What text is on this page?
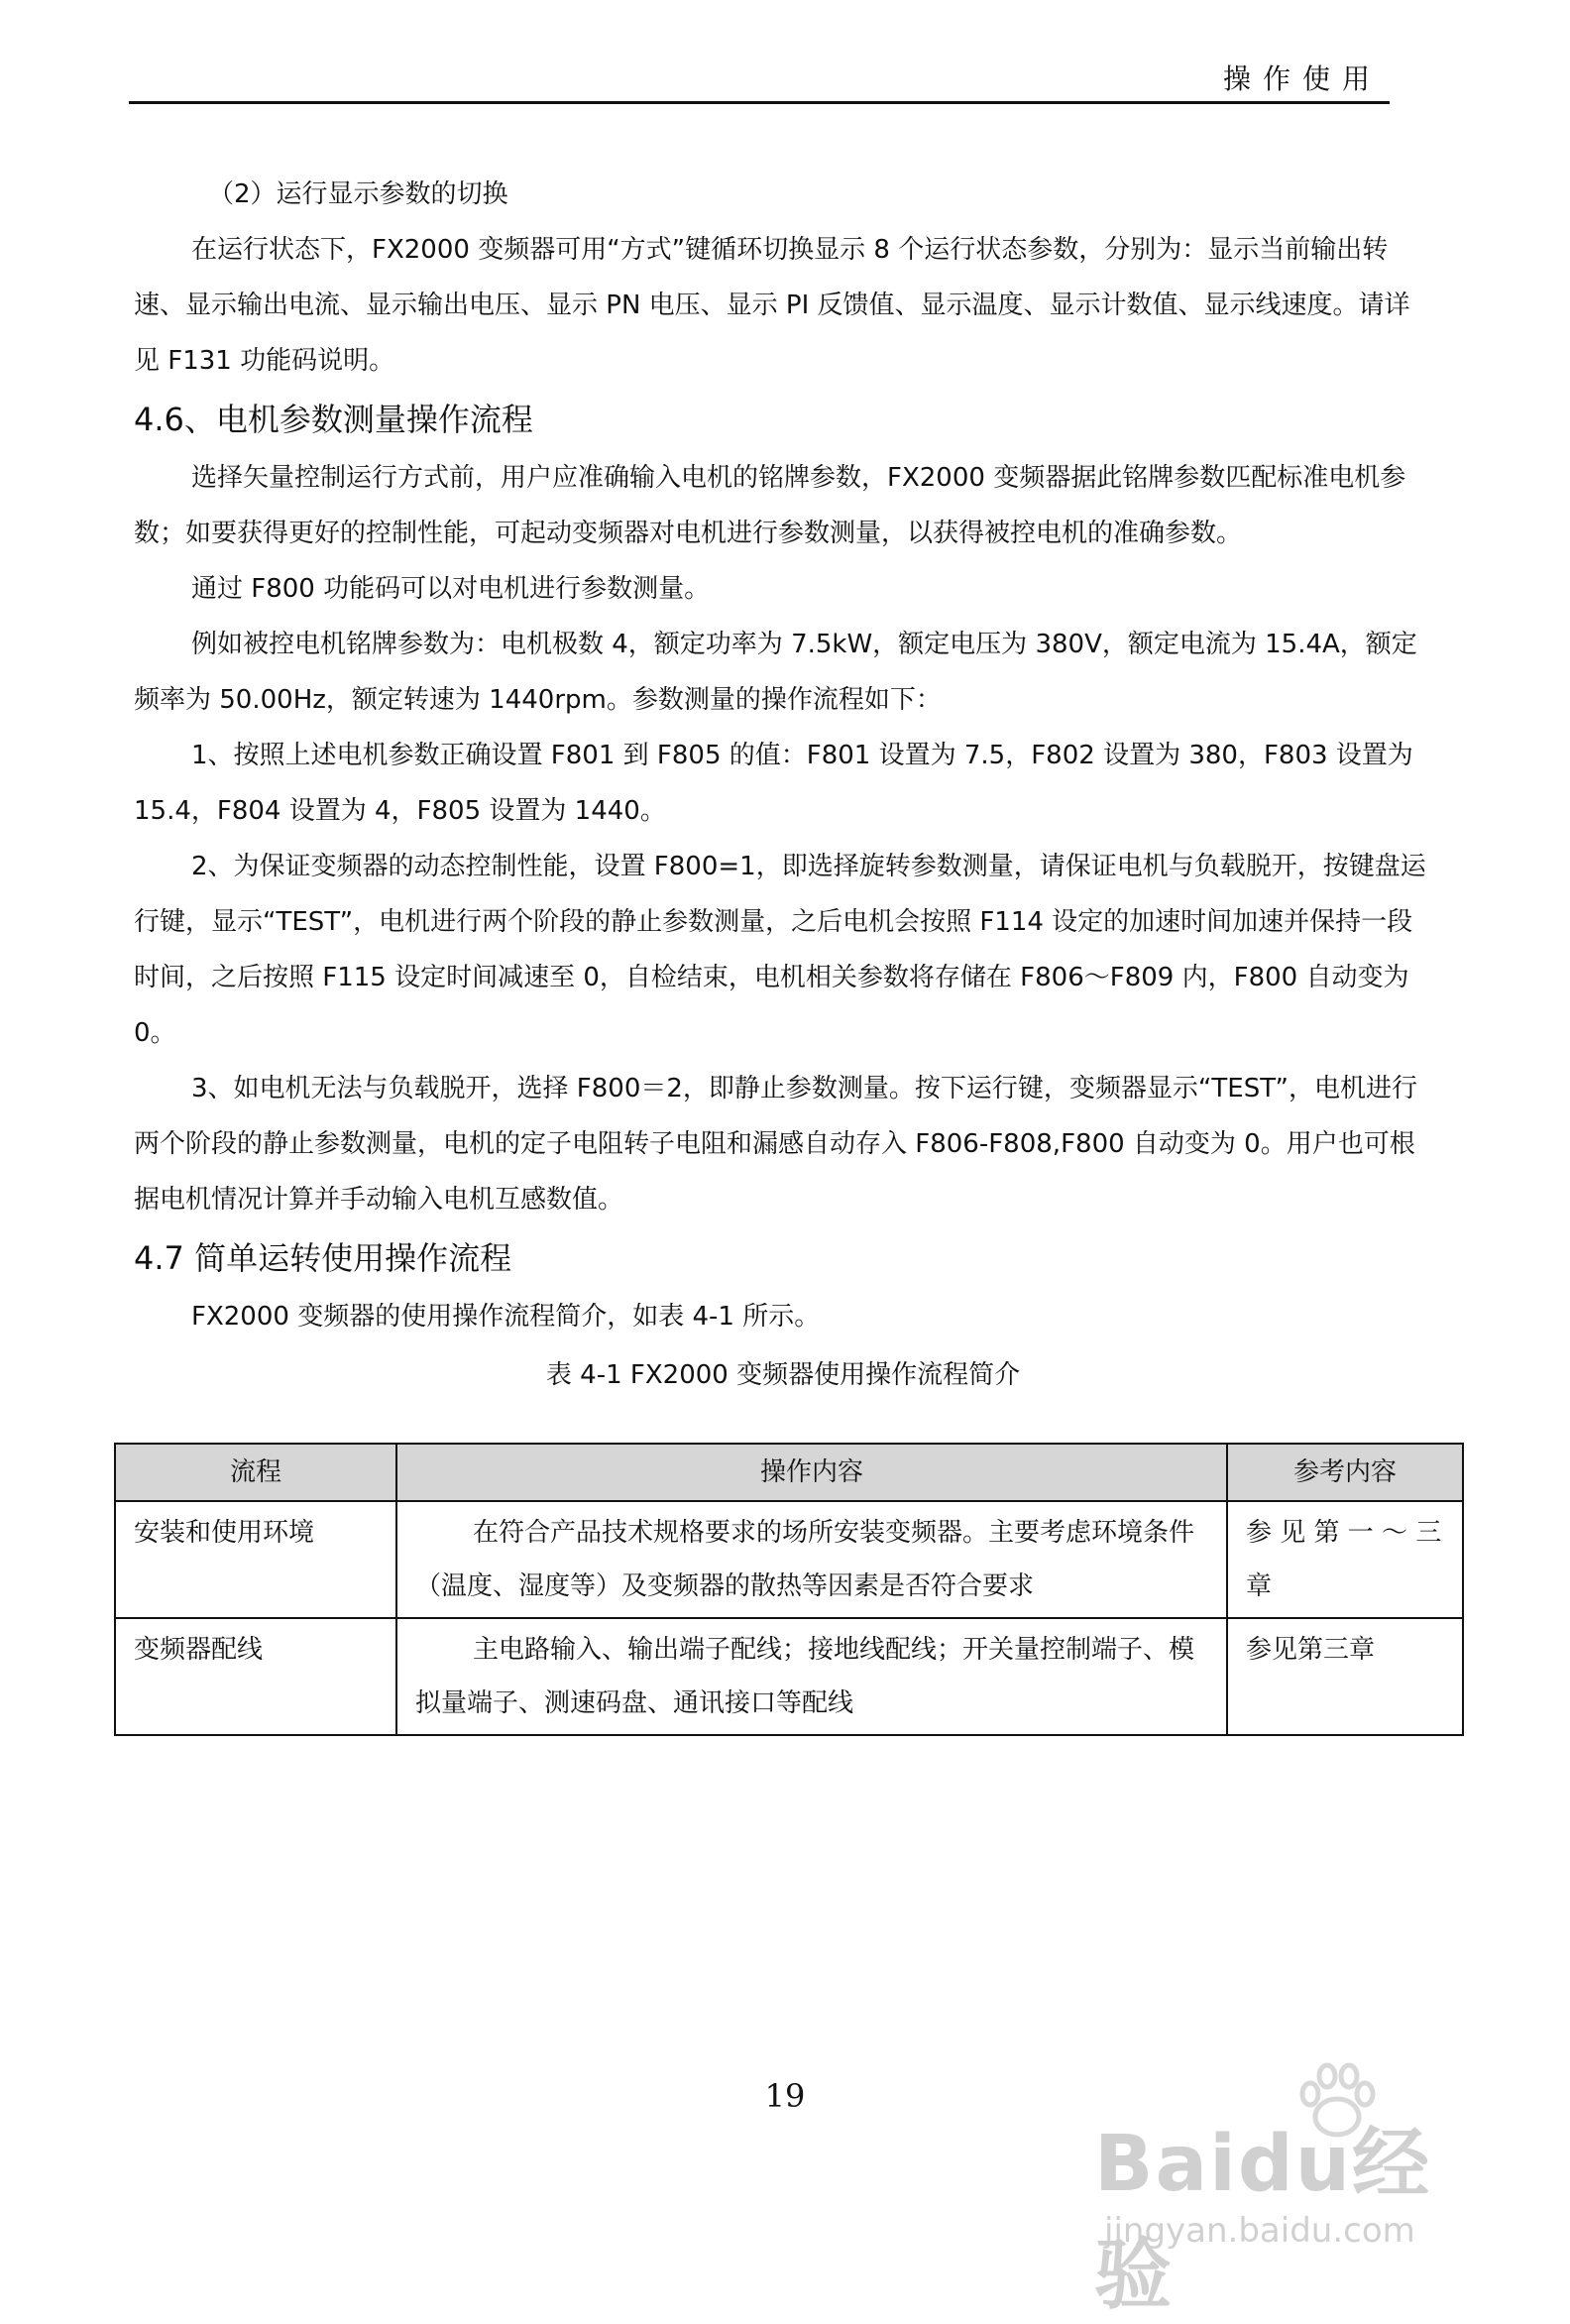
操作使用

（2）运行显示参数的切换

在运行状态下，FX2000 变频器可用“方式”键循环切换显示 8 个运行状态参数，分别为：显示当前输出转速、显示输出电流、显示输出电压、显示 PN 电压、显示 PI 反馈值、显示温度、显示计数值、显示线速度。请详见 F131 功能码说明。

4.6、电机参数测量操作流程

选择矢量控制运行方式前，用户应准确输入电机的铭牌参数，FX2000 变频器据此铭牌参数匹配标准电机参数；如要获得更好的控制性能，可起动变频器对电机进行参数测量，以获得被控电机的准确参数。

通过 F800 功能码可以对电机进行参数测量。

例如被控电机铭牌参数为：电机极数 4，额定功率为 7.5kW，额定电压为 380V，额定电流为 15.4A，额定频率为 50.00Hz，额定转速为 1440rpm。参数测量的操作流程如下：

1、按照上述电机参数正确设置 F801 到 F805 的值：F801 设置为 7.5，F802 设置为 380，F803 设置为 15.4，F804 设置为 4，F805 设置为 1440。

2、为保证变频器的动态控制性能，设置 F800=1，即选择旋转参数测量，请保证电机与负载脱开，按键盘运行键，显示“TEST”，电机进行两个阶段的静止参数测量，之后电机会按照 F114 设定的加速时间加速并保持一段时间，之后按照 F115 设定时间减速至 0，自检结束，电机相关参数将存储在 F806～F809 内，F800 自动变为 0。

3、如电机无法与负载脱开，选择 F800＝2，即静止参数测量。按下运行键，变频器显示“TEST”，电机进行两个阶段的静止参数测量，电机的定子电阻转子电阻和漏感自动存入 F806-F808,F800 自动变为 0。用户也可根据电机情况计算并手动输入电机互感数值。

4.7 简单运转使用操作流程

FX2000 变频器的使用操作流程简介，如表 4-1 所示。

表 4-1 FX2000 变频器使用操作流程简介

流程	操作内容	参考内容
安装和使用环境	在符合产品技术规格要求的场所安装变频器。主要考虑环境条件（温度、湿度等）及变频器的散热等因素是否符合要求	参 见 第 一 ～ 三章
变频器配线	主电路输入、输出端子配线；接地线配线；开关量控制端子、模拟量端子、测速码盘、通讯接口等配线	参见第三章
19
Baidu经验
jingyan.baidu.com
